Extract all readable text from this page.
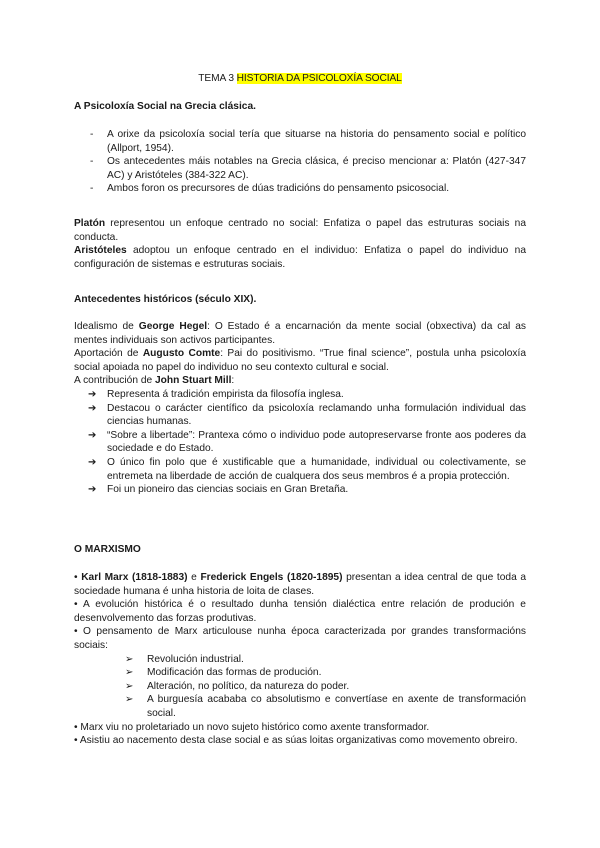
TEMA 3 HISTORIA DA PSICOLOXÍA SOCIAL
A Psicoloxía Social na Grecia clásica.
- A orixe da psicoloxía social tería que situarse na historia do pensamento social e político (Allport, 1954).
- Os antecedentes máis notables na Grecia clásica, é preciso mencionar a: Platón (427-347 AC) y Aristóteles (384-322 AC).
- Ambos foron os precursores de dúas tradicións do pensamento psicosocial.

Platón representou un enfoque centrado no social: Enfatiza o papel das estruturas sociais na conducta.

Aristóteles adoptou un enfoque centrado en el individuo: Enfatiza o papel do individuo na configuración de sistemas e estruturas sociais.

Antecedentes históricos (século XIX).

Idealismo de George Hegel: O Estado é a encarnación da mente social (obxectiva) da cal as mentes individuais son activos participantes.

Aportación de Augusto Comte: Pai do positivismo. “True final science”, postula unha psicoloxía social apoiada no papel do individuo no seu contexto cultural e social.

A contribución de John Stuart Mill:

➔ Representa á tradición empirista da filosofía inglesa.
➔ Destacou o carácter científico da psicoloxía reclamando unha formulación individual das ciencias humanas.
➔ “Sobre a libertade”: Prantexa cómo o individuo pode autopreservarse fronte aos poderes da sociedade e do Estado.
➔ O único fin polo que é xustificable que a humanidade, individual ou colectivamente, se entremeta na liberdade de acción de cualquera dos seus membros é a propia protección.
➔ Foi un pioneiro das ciencias sociais en Gran Bretaña.
O MARXISMO

• Karl Marx (1818-1883) e Frederick Engels (1820-1895) presentan a idea central de que toda a sociedade humana é unha historia de loita de clases.

• A evolución histórica é o resultado dunha tensión dialéctica entre relación de produción e desenvolvemento das forzas produtivas.

• O pensamento de Marx articulouse nunha época caracterizada por grandes transformacións sociais:

➢ Revolución industrial.
➢ Modificación das formas de produción.
➢ Alteración, no político, da natureza do poder.
➢ A burguesía acababa co absolutismo e convertíase en axente de transformación social.

• Marx viu no proletariado un novo sujeto histórico como axente transformador.

• Asistiu ao nacemento desta clase social e as súas loitas organizativas como movemento obreiro.
